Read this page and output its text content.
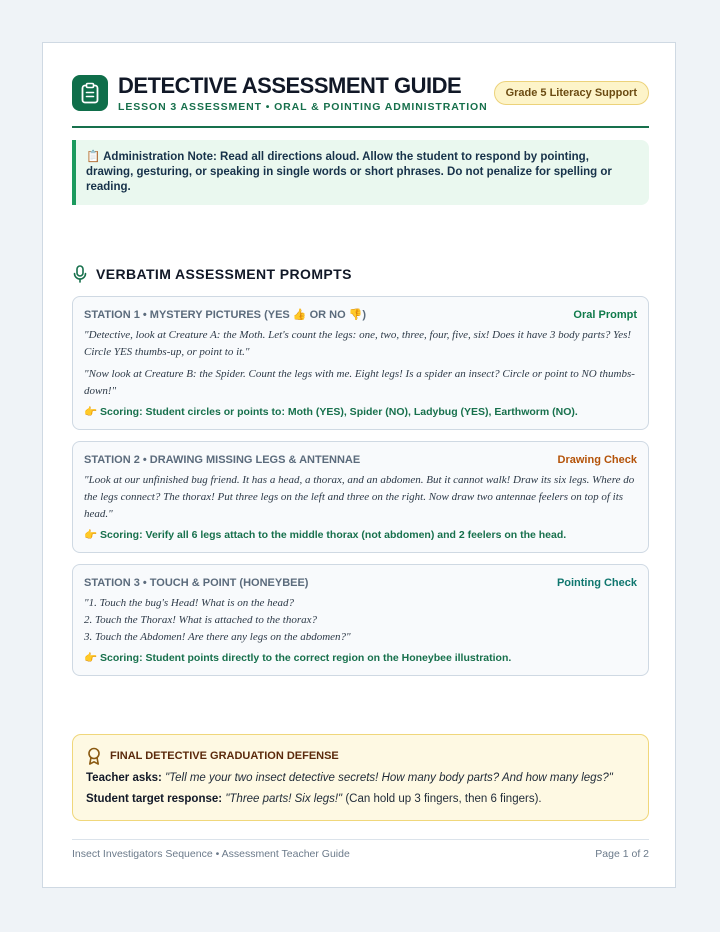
DETECTIVE ASSESSMENT GUIDE
LESSON 3 ASSESSMENT • ORAL & POINTING ADMINISTRATION
Grade 5 Literacy Support
📋 Administration Note: Read all directions aloud. Allow the student to respond by pointing, drawing, gesturing, or speaking in single words or short phrases. Do not penalize for spelling or reading.
VERBATIM ASSESSMENT PROMPTS
STATION 1 • MYSTERY PICTURES (YES 👍 OR NO 👎)	Oral Prompt
"Detective, look at Creature A: the Moth. Let's count the legs: one, two, three, four, five, six! Does it have 3 body parts? Yes! Circle YES thumbs-up, or point to it."
"Now look at Creature B: the Spider. Count the legs with me. Eight legs! Is a spider an insect? Circle or point to NO thumbs-down!"
👉 Scoring: Student circles or points to: Moth (YES), Spider (NO), Ladybug (YES), Earthworm (NO).
STATION 2 • DRAWING MISSING LEGS & ANTENNAE	Drawing Check
"Look at our unfinished bug friend. It has a head, a thorax, and an abdomen. But it cannot walk! Draw its six legs. Where do the legs connect? The thorax! Put three legs on the left and three on the right. Now draw two antennae feelers on top of its head."
👉 Scoring: Verify all 6 legs attach to the middle thorax (not abdomen) and 2 feelers on the head.
STATION 3 • TOUCH & POINT (HONEYBEE)	Pointing Check
"1. Touch the bug's Head! What is on the head?
2. Touch the Thorax! What is attached to the thorax?
3. Touch the Abdomen! Are there any legs on the abdomen?"
👉 Scoring: Student points directly to the correct region on the Honeybee illustration.
FINAL DETECTIVE GRADUATION DEFENSE
Teacher asks: "Tell me your two insect detective secrets! How many body parts? And how many legs?"
Student target response: "Three parts! Six legs!" (Can hold up 3 fingers, then 6 fingers).
Insect Investigators Sequence • Assessment Teacher Guide	Page 1 of 2
